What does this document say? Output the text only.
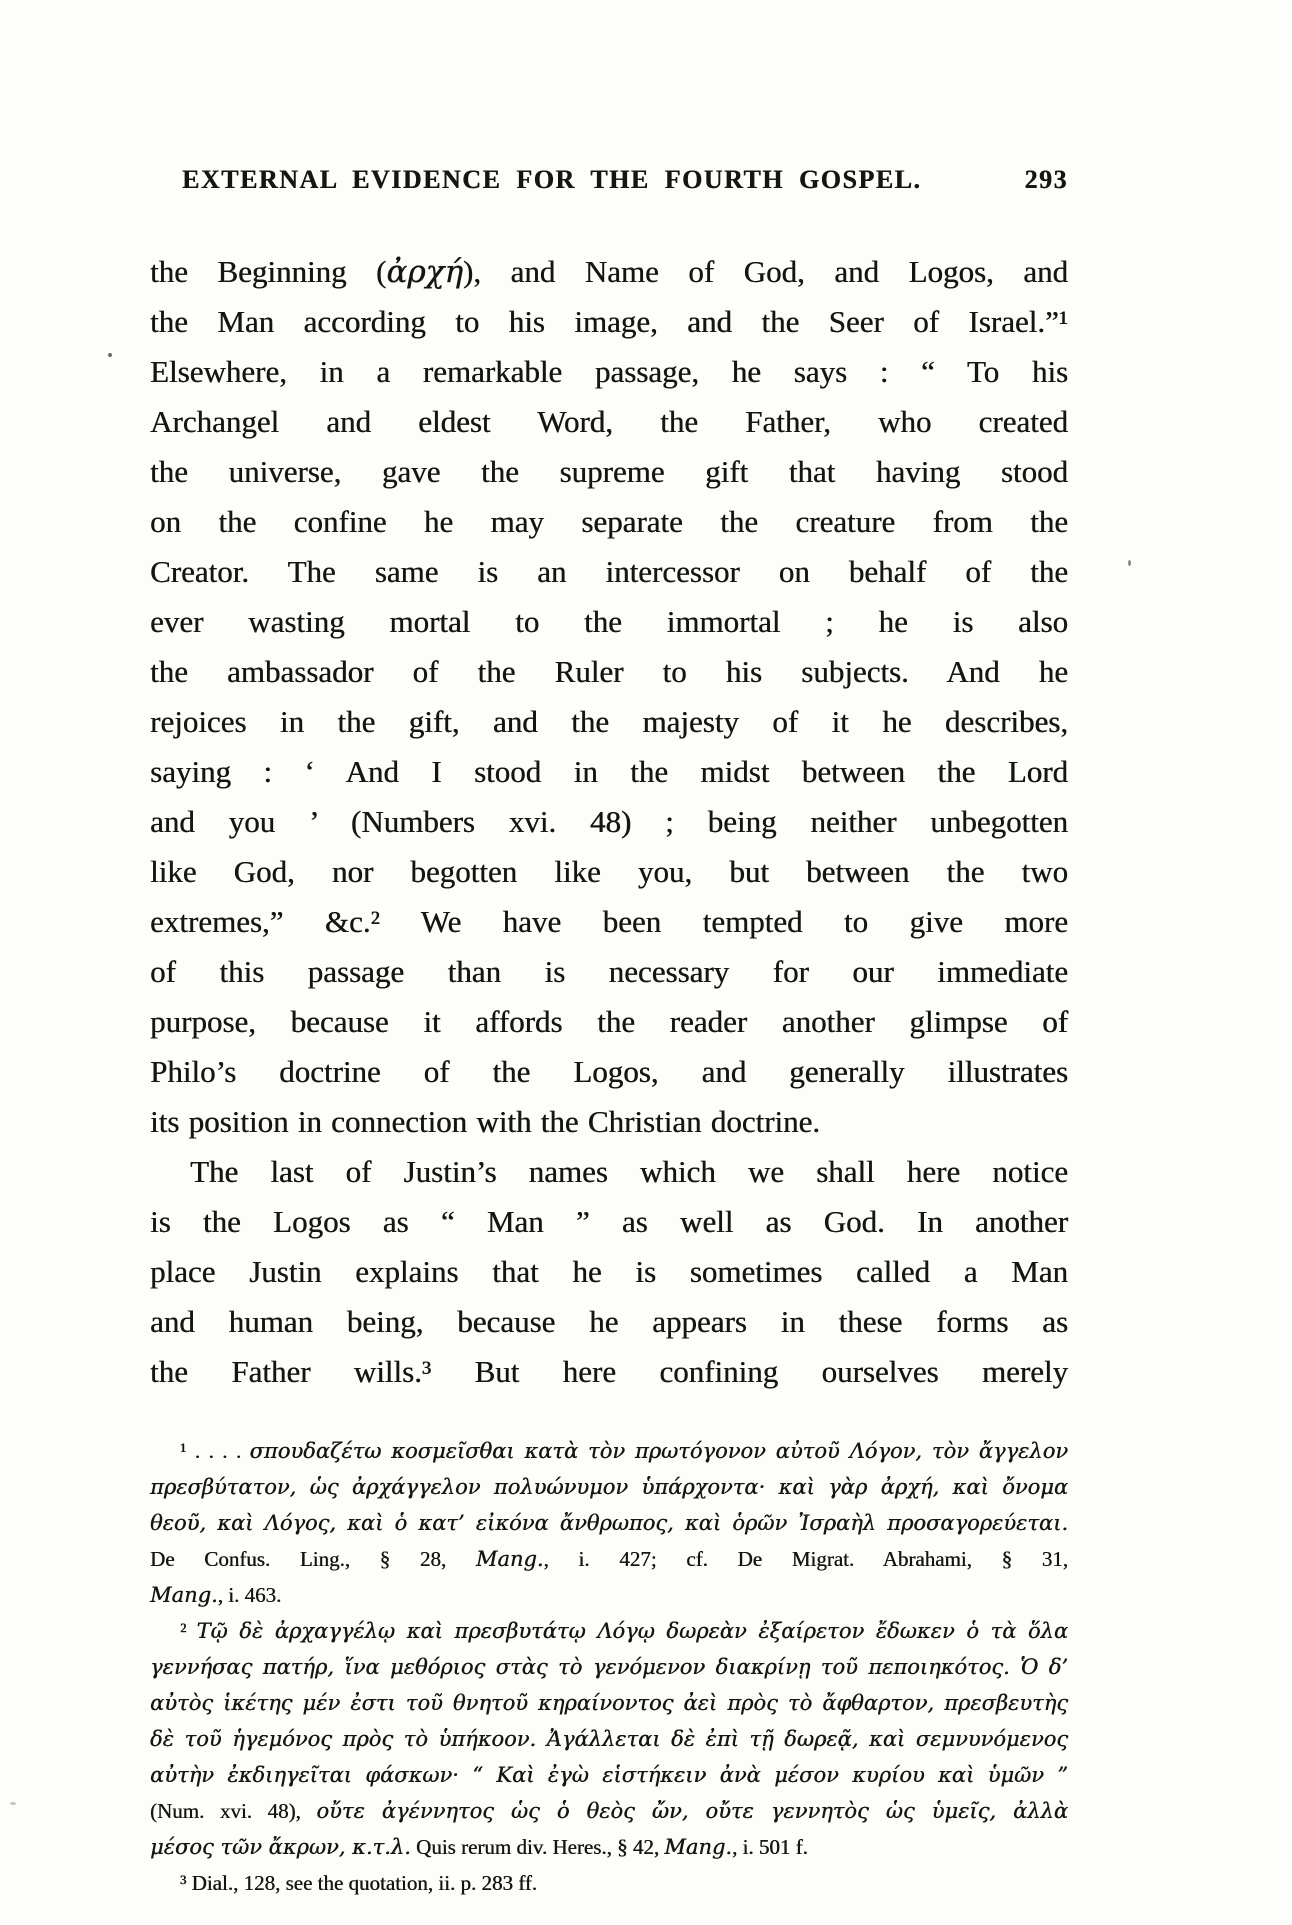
EXTERNAL EVIDENCE FOR THE FOURTH GOSPEL.	293
the Beginning (ἀρχή), and Name of God, and Logos, and
the Man according to his image, and the Seer of Israel.”¹
Elsewhere, in a remarkable passage, he says : “ To his
Archangel and eldest Word, the Father, who created
the universe, gave the supreme gift that having stood
on the confine he may separate the creature from the
Creator. The same is an intercessor on behalf of the
ever wasting mortal to the immortal ; he is also
the ambassador of the Ruler to his subjects. And he
rejoices in the gift, and the majesty of it he describes,
saying : ‘ And I stood in the midst between the Lord
and you ’ (Numbers xvi. 48) ; being neither unbegotten
like God, nor begotten like you, but between the two
extremes,” &c.² We have been tempted to give more
of this passage than is necessary for our immediate
purpose, because it affords the reader another glimpse of
Philo’s doctrine of the Logos, and generally illustrates
its position in connection with the Christian doctrine.
The last of Justin’s names which we shall here notice
is the Logos as “ Man ” as well as God. In another
place Justin explains that he is sometimes called a Man
and human being, because he appears in these forms as
the Father wills.³ But here confining ourselves merely
¹ . . . . σπουδαζέτω κοσμεῖσθαι κατὰ τὸν πρωτόγονον αὐτοῦ Λόγον, τὸν ἄγγελον
πρεσβύτατον, ὡς ἀρχάγγελον πολυώνυμον ὑπάρχοντα· καὶ γὰρ ἀρχή, καὶ ὄνομα
θεοῦ, καὶ Λόγος, καὶ ὁ κατ’ εἰκόνα ἄνθρωπος, καὶ ὁρῶν Ἰσραὴλ προσαγορεύεται.
De Confus. Ling., § 28, Mang., i. 427; cf. De Migrat. Abrahami, § 31,
Mang., i. 463.
² Τῷ δὲ ἀρχαγγέλῳ καὶ πρεσβυτάτῳ Λόγῳ δωρεὰν ἐξαίρετον ἔδωκεν ὁ τὰ ὅλα
γεννήσας πατήρ, ἵνα μεθόριος στὰς τὸ γενόμενον διακρίνῃ τοῦ πεποιηκότος. Ὁ δ’
αὐτὸς ἱκέτης μέν ἐστι τοῦ θνητοῦ κηραίνοντος ἀεὶ πρὸς τὸ ἄφθαρτον, πρεσβευτὴς
δὲ τοῦ ἡγεμόνος πρὸς τὸ ὑπήκοον. Ἀγάλλεται δὲ ἐπὶ τῇ δωρεᾷ, καὶ σεμνυνόμενος
αὐτὴν ἐκδιηγεῖται φάσκων· “ Καὶ ἐγὼ εἱστήκειν ἀνὰ μέσον κυρίου καὶ ὑμῶν ”
(Num. xvi. 48), οὔτε ἀγέννητος ὡς ὁ θεὸς ὤν, οὔτε γεννητὸς ὡς ὑμεῖς, ἀλλὰ
μέσος τῶν ἄκρων, κ.τ.λ. Quis rerum div. Heres., § 42, Mang., i. 501 f.
³ Dial., 128, see the quotation, ii. p. 283 ff.
